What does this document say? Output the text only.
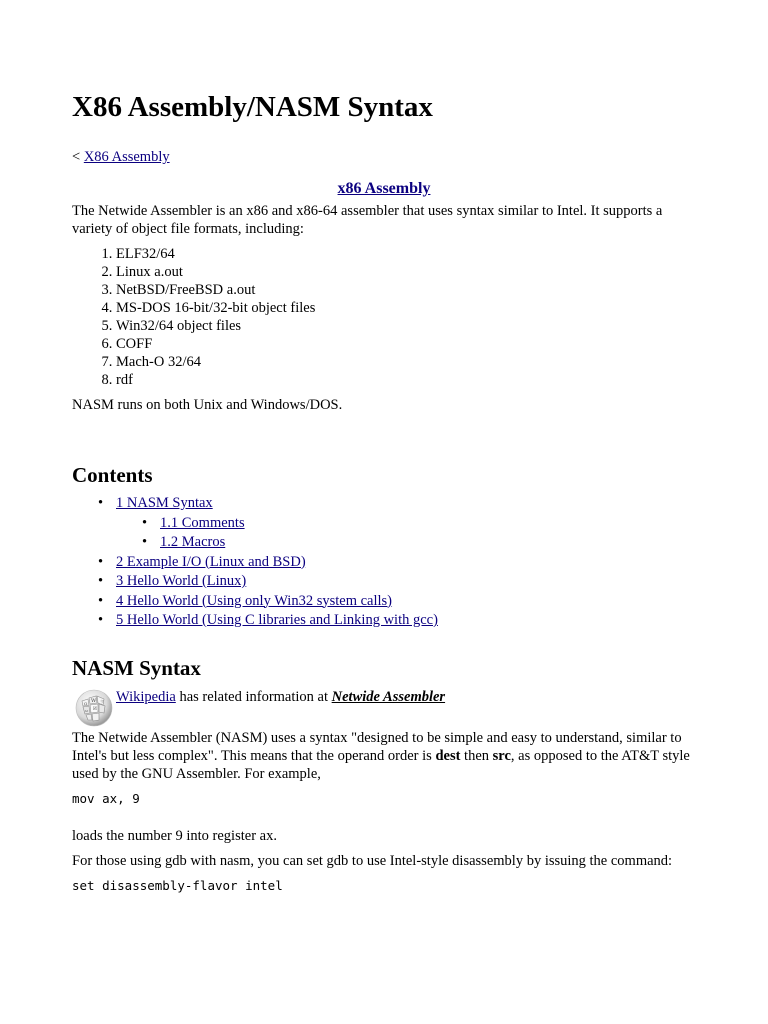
X86 Assembly/NASM Syntax
< X86 Assembly
x86 Assembly

The Netwide Assembler is an x86 and x86-64 assembler that uses syntax similar to Intel. It supports a variety of object file formats, including:

1. ELF32/64
2. Linux a.out
3. NetBSD/FreeBSD a.out
4. MS-DOS 16-bit/32-bit object files
5. Win32/64 object files
6. COFF
7. Mach-O 32/64
8. rdf

NASM runs on both Unix and Windows/DOS.

Contents
• 1 NASM Syntax
• 1.1 Comments
• 1.2 Macros
• 2 Example I/O (Linux and BSD)
• 3 Hello World (Linux)
• 4 Hello World (Using only Win32 system calls)
• 5 Hello World (Using C libraries and Linking with gcc)
NASM Syntax
W
Ω
И
ウ
ω
Wikipedia has related information at Netwide Assembler

The Netwide Assembler (NASM) uses a syntax "designed to be simple and easy to understand, similar to Intel's but less complex". This means that the operand order is dest then src, as opposed to the AT&T style used by the GNU Assembler. For example,

mov ax, 9

loads the number 9 into register ax.

For those using gdb with nasm, you can set gdb to use Intel-style disassembly by issuing the command:

set disassembly-flavor intel
